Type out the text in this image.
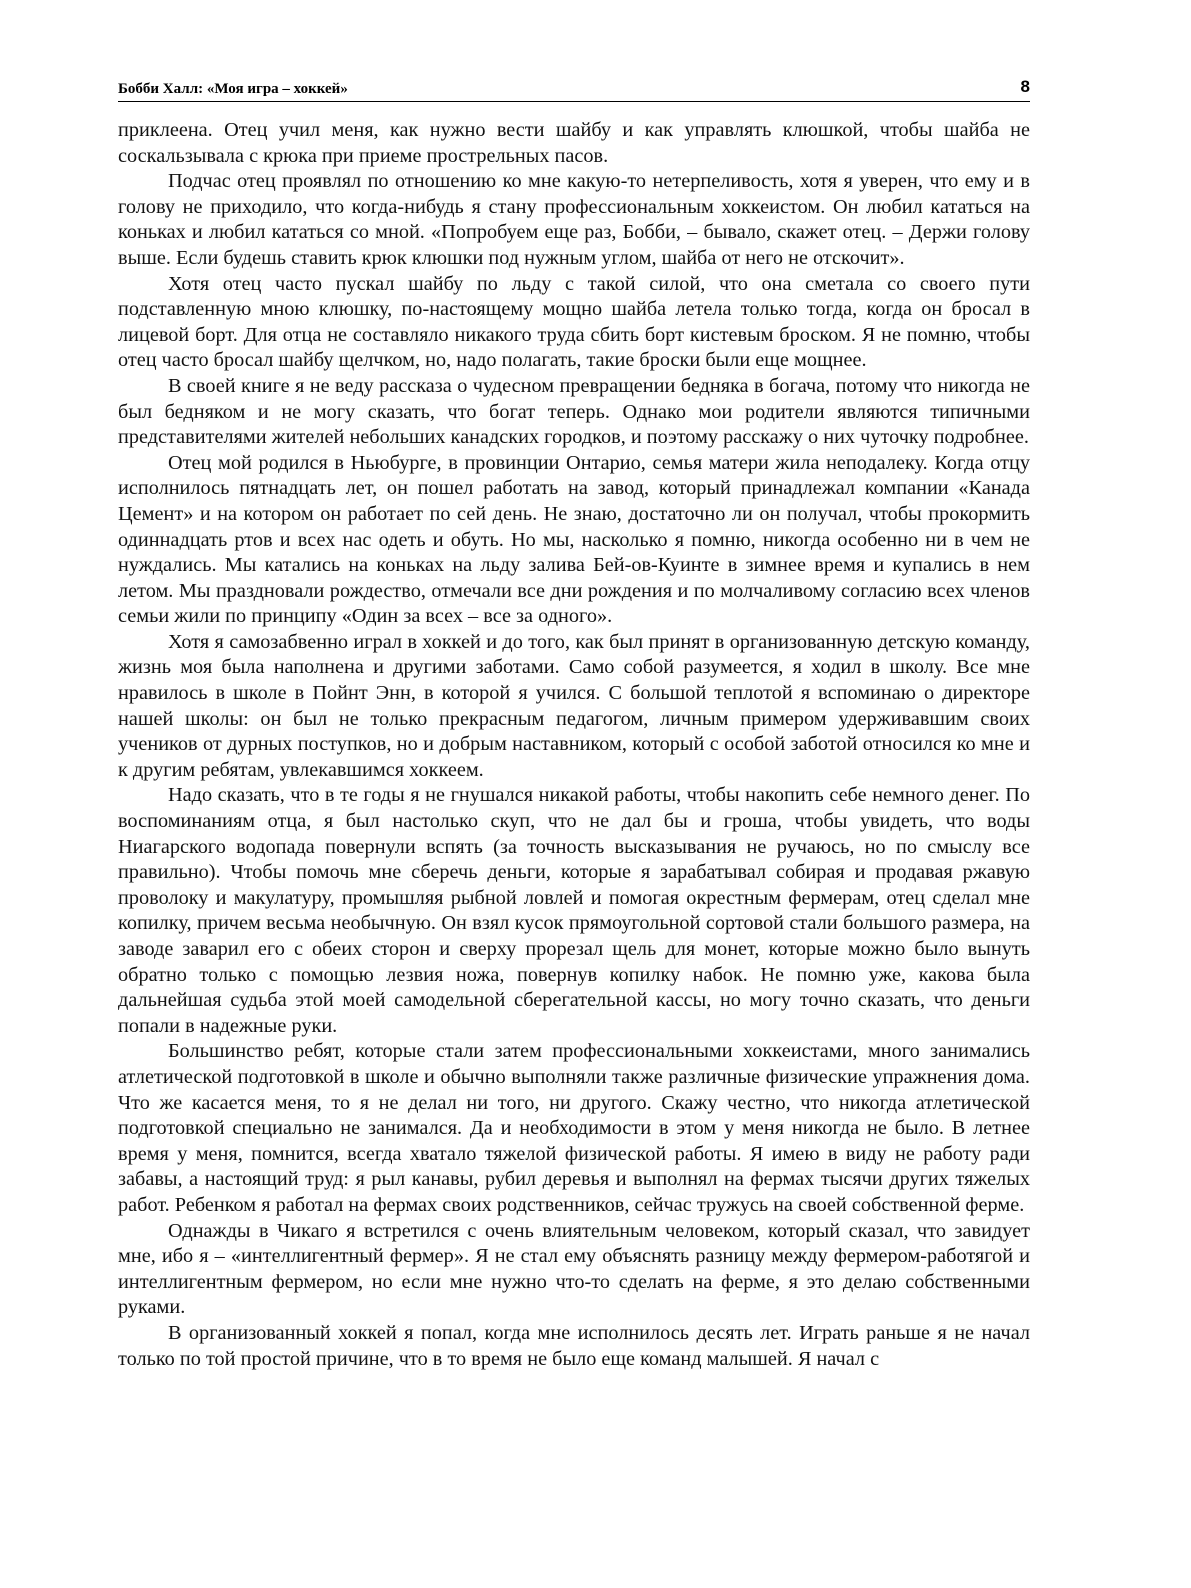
Бобби Халл: «Моя игра – хоккей»	8

приклеена. Отец учил меня, как нужно вести шайбу и как управлять клюшкой, чтобы шайба не соскальзывала с крюка при приеме прострельных пасов.

Подчас отец проявлял по отношению ко мне какую-то нетерпеливость, хотя я уверен, что ему и в голову не приходило, что когда-нибудь я стану профессиональным хоккеистом. Он любил кататься на коньках и любил кататься со мной. «Попробуем еще раз, Бобби, – бывало, скажет отец. – Держи голову выше. Если будешь ставить крюк клюшки под нужным углом, шайба от него не отскочит».

Хотя отец часто пускал шайбу по льду с такой силой, что она сметала со своего пути подставленную мною клюшку, по-настоящему мощно шайба летела только тогда, когда он бросал в лицевой борт. Для отца не составляло никакого труда сбить борт кистевым броском. Я не помню, чтобы отец часто бросал шайбу щелчком, но, надо полагать, такие броски были еще мощнее.

В своей книге я не веду рассказа о чудесном превращении бедняка в богача, потому что никогда не был бедняком и не могу сказать, что богат теперь. Однако мои родители являются типичными представителями жителей небольших канадских городков, и поэтому расскажу о них чуточку подробнее.

Отец мой родился в Ньюбурге, в провинции Онтарио, семья матери жила неподалеку. Когда отцу исполнилось пятнадцать лет, он пошел работать на завод, который принадлежал компании «Канада Цемент» и на котором он работает по сей день. Не знаю, достаточно ли он получал, чтобы прокормить одиннадцать ртов и всех нас одеть и обуть. Но мы, насколько я помню, никогда особенно ни в чем не нуждались. Мы катались на коньках на льду залива Бей-ов-Куинте в зимнее время и купались в нем летом. Мы праздновали рождество, отмечали все дни рождения и по молчаливому согласию всех членов семьи жили по принципу «Один за всех – все за одного».

Хотя я самозабвенно играл в хоккей и до того, как был принят в организованную детскую команду, жизнь моя была наполнена и другими заботами. Само собой разумеется, я ходил в школу. Все мне нравилось в школе в Пойнт Энн, в которой я учился. С большой теплотой я вспоминаю о директоре нашей школы: он был не только прекрасным педагогом, личным примером удерживавшим своих учеников от дурных поступков, но и добрым наставником, который с особой заботой относился ко мне и к другим ребятам, увлекавшимся хоккеем.

Надо сказать, что в те годы я не гнушался никакой работы, чтобы накопить себе немного денег. По воспоминаниям отца, я был настолько скуп, что не дал бы и гроша, чтобы увидеть, что воды Ниагарского водопада повернули вспять (за точность высказывания не ручаюсь, но по смыслу все правильно). Чтобы помочь мне сберечь деньги, которые я зарабатывал собирая и продавая ржавую проволоку и макулатуру, промышляя рыбной ловлей и помогая окрестным фермерам, отец сделал мне копилку, причем весьма необычную. Он взял кусок прямоугольной сортовой стали большого размера, на заводе заварил его с обеих сторон и сверху прорезал щель для монет, которые можно было вынуть обратно только с помощью лезвия ножа, повернув копилку набок. Не помню уже, какова была дальнейшая судьба этой моей самодельной сберегательной кассы, но могу точно сказать, что деньги попали в надежные руки.

Большинство ребят, которые стали затем профессиональными хоккеистами, много занимались атлетической подготовкой в школе и обычно выполняли также различные физические упражнения дома. Что же касается меня, то я не делал ни того, ни другого. Скажу честно, что никогда атлетической подготовкой специально не занимался. Да и необходимости в этом у меня никогда не было. В летнее время у меня, помнится, всегда хватало тяжелой физической работы. Я имею в виду не работу ради забавы, а настоящий труд: я рыл канавы, рубил деревья и выполнял на фермах тысячи других тяжелых работ. Ребенком я работал на фермах своих родственников, сейчас тружусь на своей собственной ферме.

Однажды в Чикаго я встретился с очень влиятельным человеком, который сказал, что завидует мне, ибо я – «интеллигентный фермер». Я не стал ему объяснять разницу между фермером-работягой и интеллигентным фермером, но если мне нужно что-то сделать на ферме, я это делаю собственными руками.

В организованный хоккей я попал, когда мне исполнилось десять лет. Играть раньше я не начал только по той простой причине, что в то время не было еще команд малышей. Я начал с
